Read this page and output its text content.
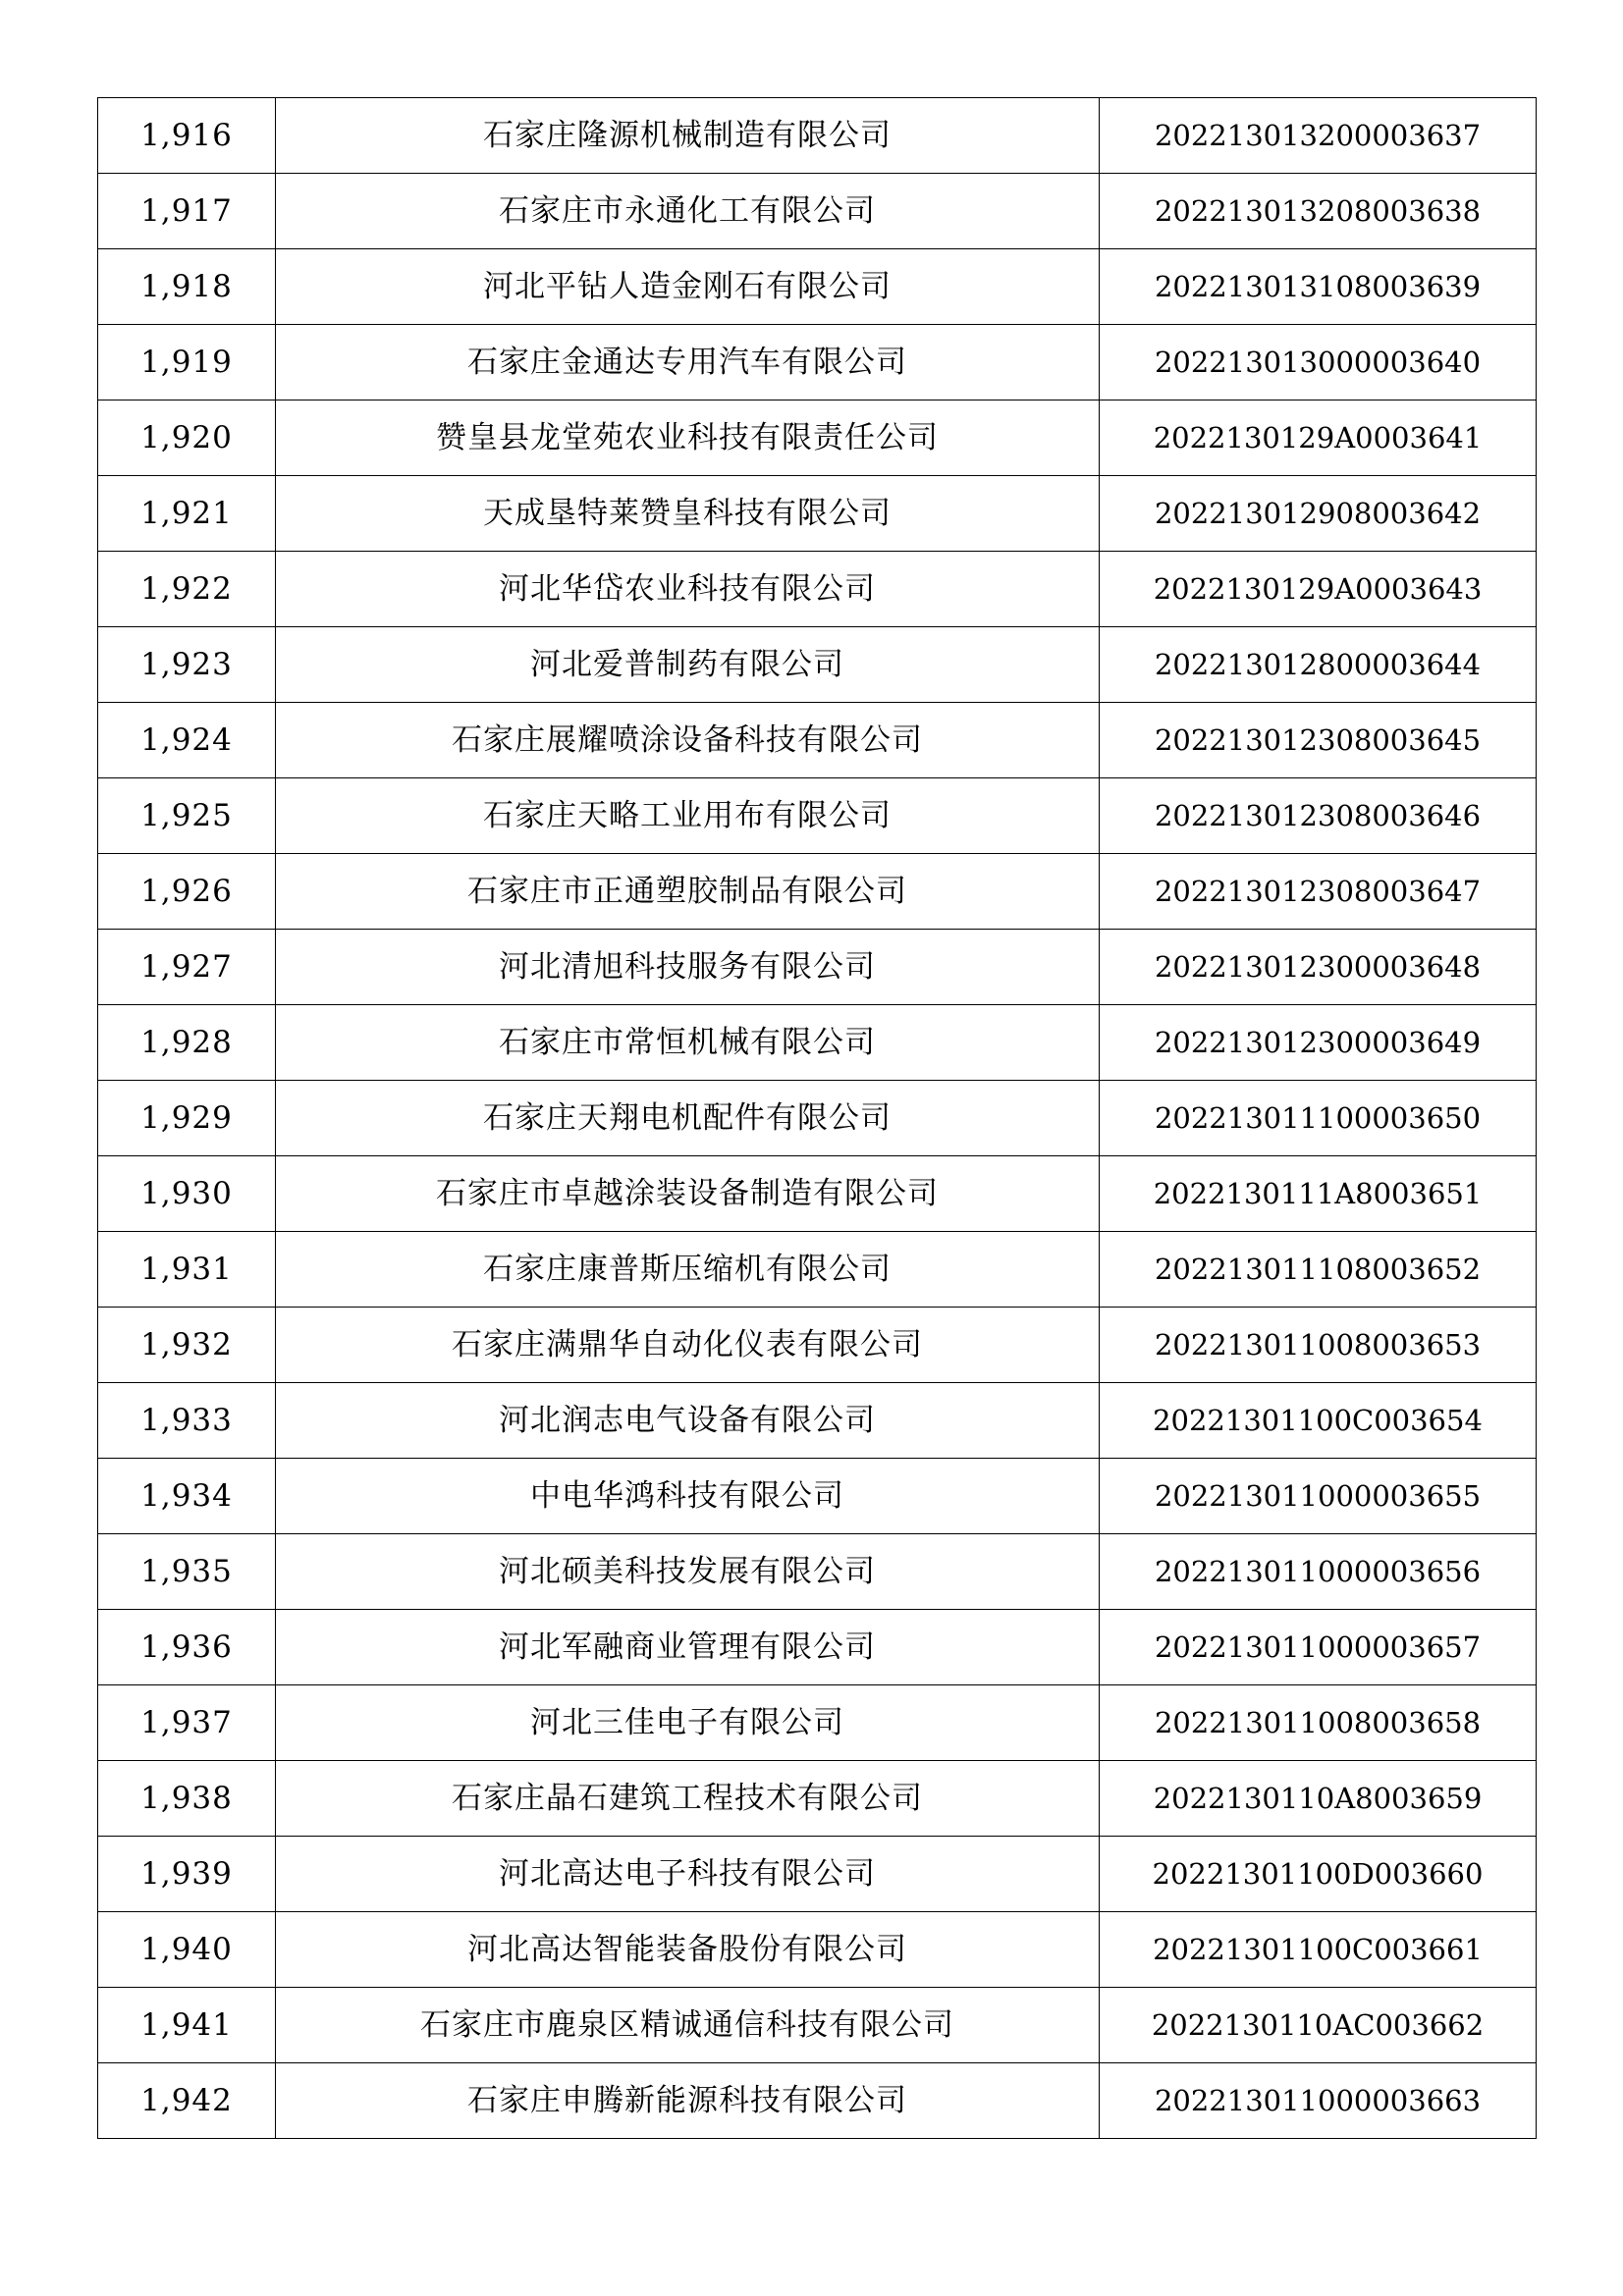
1,916	石家庄隆源机械制造有限公司	202213013200003637
1,917	石家庄市永通化工有限公司	202213013208003638
1,918	河北平钻人造金刚石有限公司	202213013108003639
1,919	石家庄金通达专用汽车有限公司	202213013000003640
1,920	赞皇县龙堂苑农业科技有限责任公司	2022130129A0003641
1,921	天成垦特莱赞皇科技有限公司	202213012908003642
1,922	河北华岱农业科技有限公司	2022130129A0003643
1,923	河北爱普制药有限公司	202213012800003644
1,924	石家庄展耀喷涂设备科技有限公司	202213012308003645
1,925	石家庄天略工业用布有限公司	202213012308003646
1,926	石家庄市正通塑胶制品有限公司	202213012308003647
1,927	河北清旭科技服务有限公司	202213012300003648
1,928	石家庄市常恒机械有限公司	202213012300003649
1,929	石家庄天翔电机配件有限公司	202213011100003650
1,930	石家庄市卓越涂装设备制造有限公司	2022130111A8003651
1,931	石家庄康普斯压缩机有限公司	202213011108003652
1,932	石家庄满鼎华自动化仪表有限公司	202213011008003653
1,933	河北润志电气设备有限公司	20221301100C003654
1,934	中电华鸿科技有限公司	202213011000003655
1,935	河北硕美科技发展有限公司	202213011000003656
1,936	河北军融商业管理有限公司	202213011000003657
1,937	河北三佳电子有限公司	202213011008003658
1,938	石家庄晶石建筑工程技术有限公司	2022130110A8003659
1,939	河北高达电子科技有限公司	20221301100D003660
1,940	河北高达智能装备股份有限公司	20221301100C003661
1,941	石家庄市鹿泉区精诚通信科技有限公司	2022130110AC003662
1,942	石家庄申腾新能源科技有限公司	202213011000003663
